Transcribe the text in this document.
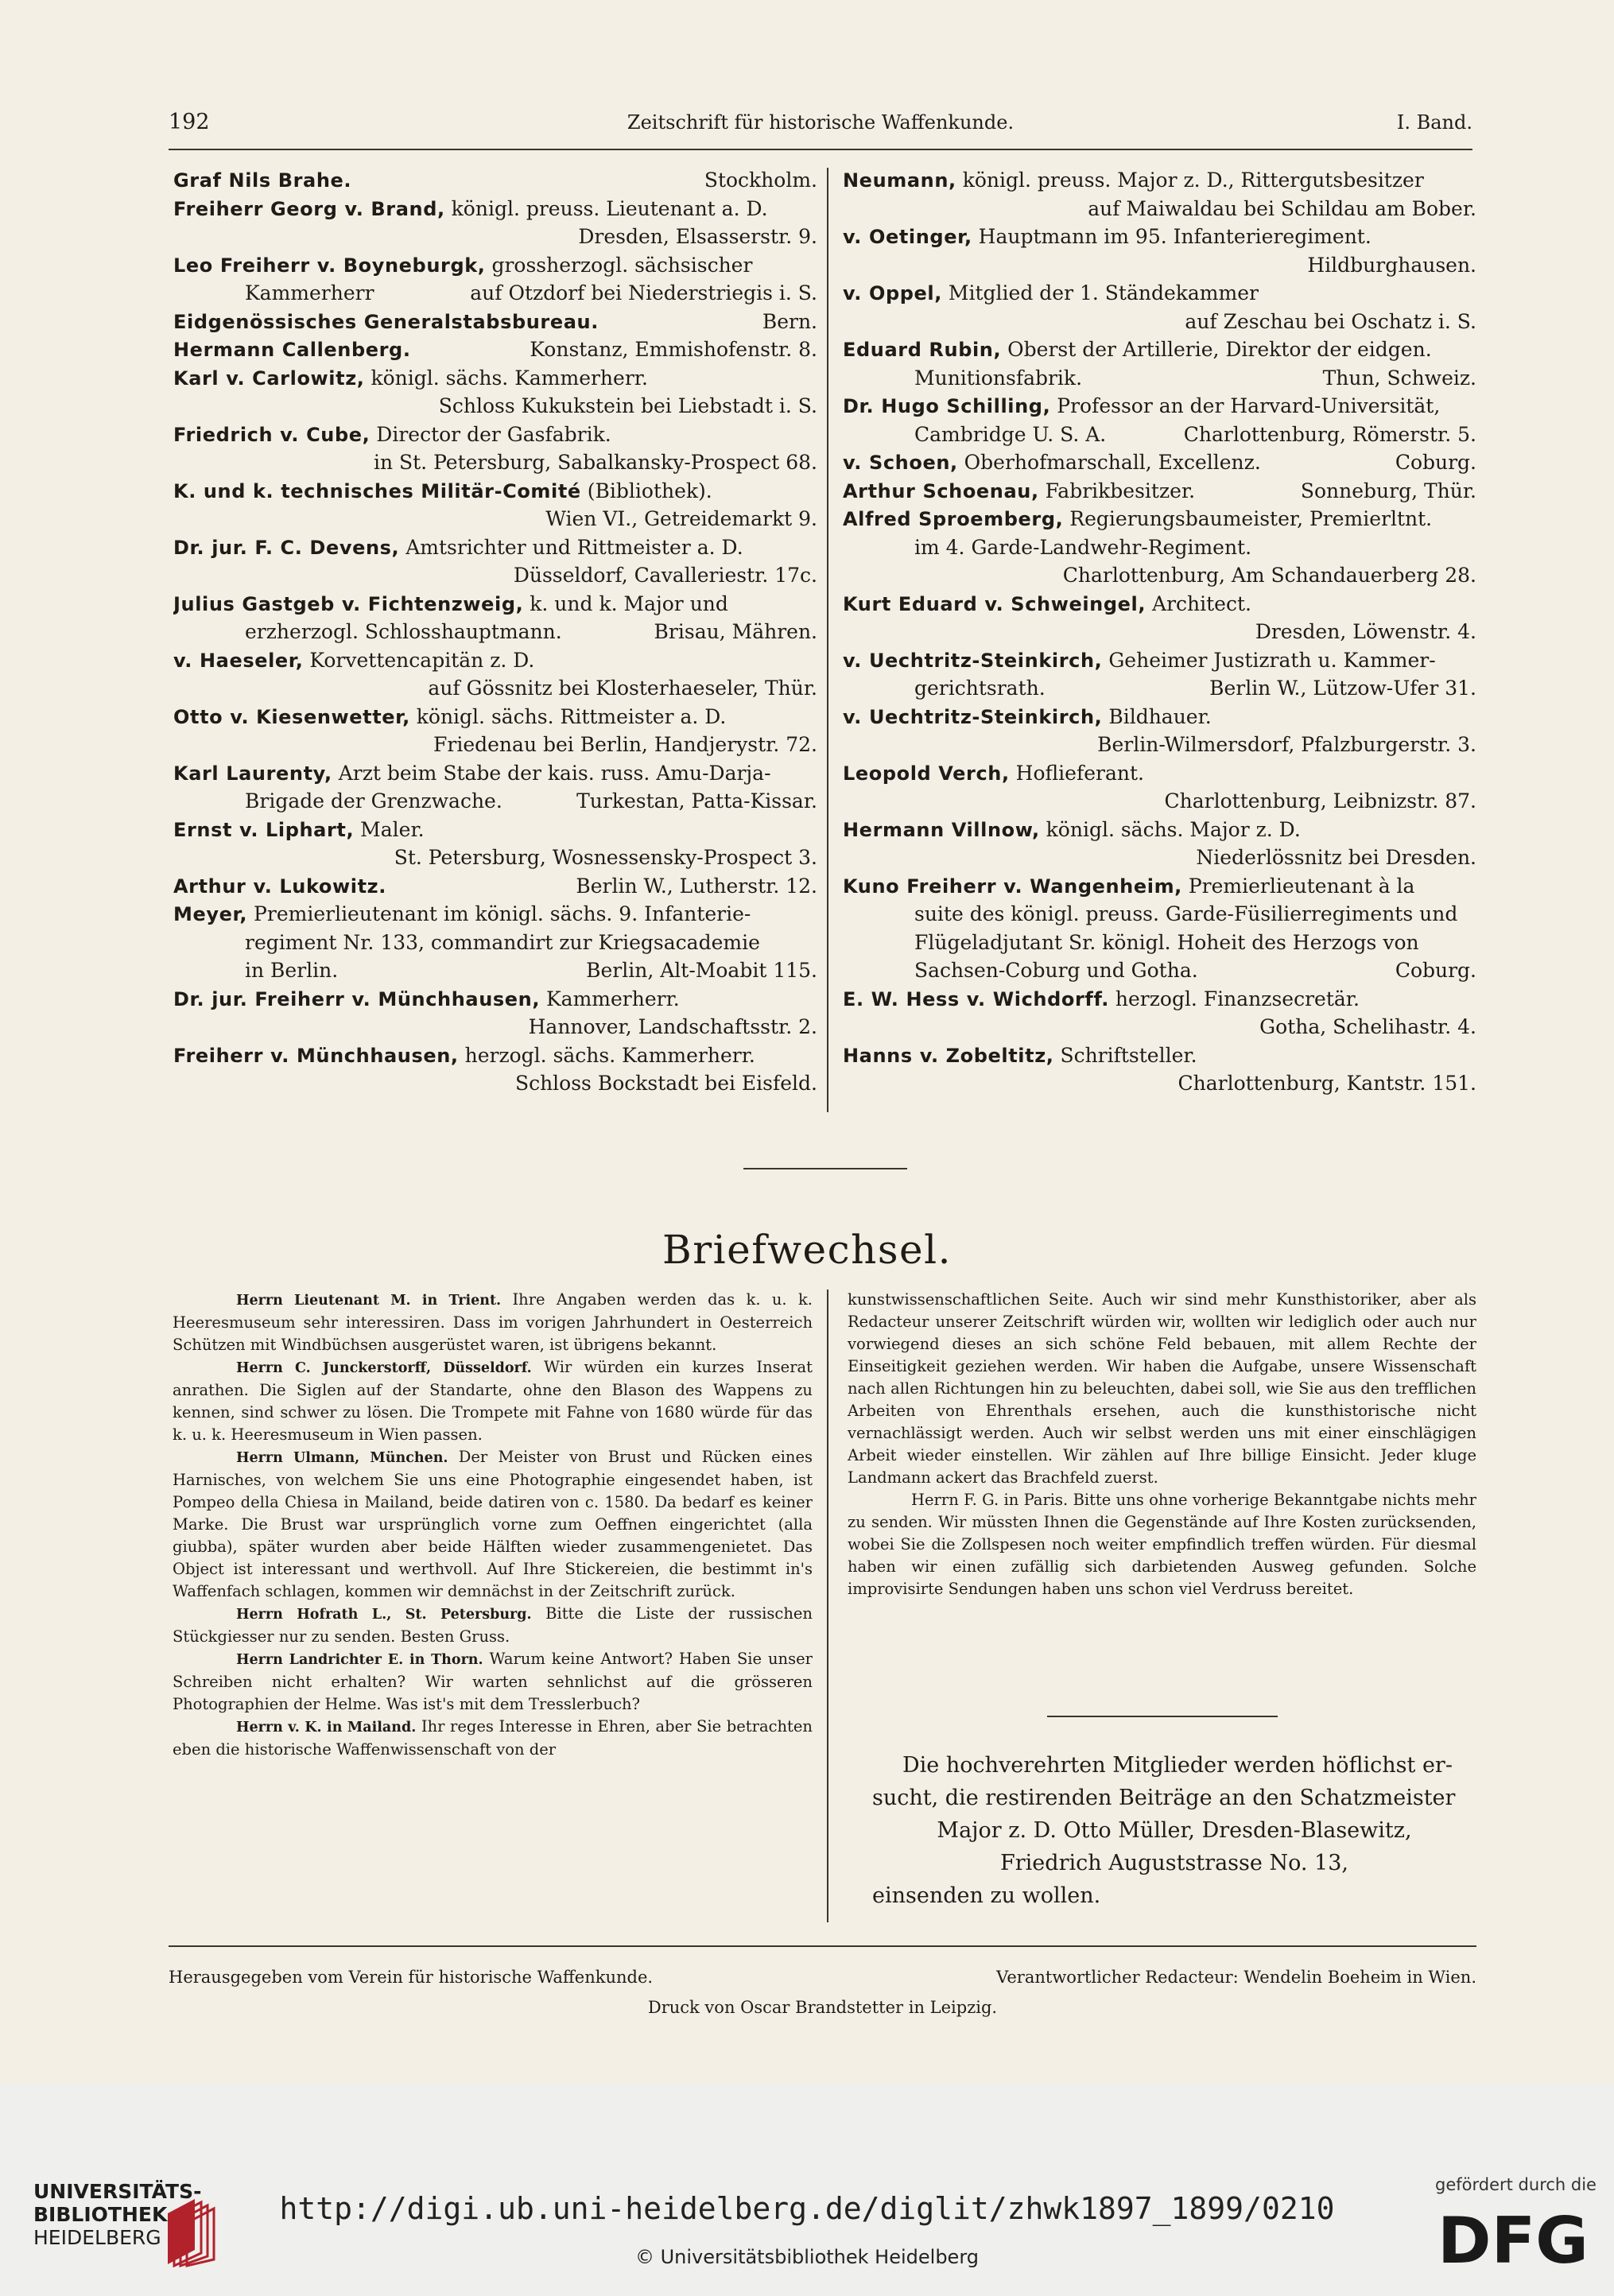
192	Zeitschrift für historische Waffenkunde.	I. Band.
Graf Nils Brahe.	Stockholm.
Freiherr Georg v. Brand, königl. preuss. Lieutenant a. D.
Dresden, Elsasserstr. 9.
Leo Freiherr v. Boyneburgk, grossherzogl. sächsischer
Kammerherr	auf Otzdorf bei Niederstriegis i. S.
Eidgenössisches Generalstabsbureau.	Bern.
Hermann Callenberg.	Konstanz, Emmishofenstr. 8.
Karl v. Carlowitz, königl. sächs. Kammerherr.
Schloss Kukukstein bei Liebstadt i. S.
Friedrich v. Cube, Director der Gasfabrik.
in St. Petersburg, Sabalkansky-Prospect 68.
K. und k. technisches Militär-Comité (Bibliothek).
Wien VI., Getreidemarkt 9.
Dr. jur. F. C. Devens, Amtsrichter und Rittmeister a. D.
Düsseldorf, Cavalleriestr. 17c.
Julius Gastgeb v. Fichtenzweig, k. und k. Major und
erzherzogl. Schlosshauptmann.	Brisau, Mähren.
v. Haeseler, Korvettencapitän z. D.
auf Gössnitz bei Klosterhaeseler, Thür.
Otto v. Kiesenwetter, königl. sächs. Rittmeister a. D.
Friedenau bei Berlin, Handjerystr. 72.
Karl Laurenty, Arzt beim Stabe der kais. russ. Amu-Darja-
Brigade der Grenzwache.	Turkestan, Patta-Kissar.
Ernst v. Liphart, Maler.
St. Petersburg, Wosnessensky-Prospect 3.
Arthur v. Lukowitz.	Berlin W., Lutherstr. 12.
Meyer, Premierlieutenant im königl. sächs. 9. Infanterie-
regiment Nr. 133, commandirt zur Kriegsacademie
in Berlin.	Berlin, Alt-Moabit 115.
Dr. jur. Freiherr v. Münchhausen, Kammerherr.
Hannover, Landschaftsstr. 2.
Freiherr v. Münchhausen, herzogl. sächs. Kammerherr.
Schloss Bockstadt bei Eisfeld.
Neumann, königl. preuss. Major z. D., Rittergutsbesitzer
auf Maiwaldau bei Schildau am Bober.
v. Oetinger, Hauptmann im 95. Infanterieregiment.
Hildburghausen.
v. Oppel, Mitglied der 1. Ständekammer
auf Zeschau bei Oschatz i. S.
Eduard Rubin, Oberst der Artillerie, Direktor der eidgen.
Munitionsfabrik.	Thun, Schweiz.
Dr. Hugo Schilling, Professor an der Harvard-Universität,
Cambridge U. S. A.	Charlottenburg, Römerstr. 5.
v. Schoen, Oberhofmarschall, Excellenz.	Coburg.
Arthur Schoenau, Fabrikbesitzer.	Sonneburg, Thür.
Alfred Sproemberg, Regierungsbaumeister, Premierltnt.
im 4. Garde-Landwehr-Regiment.
Charlottenburg, Am Schandauerberg 28.
Kurt Eduard v. Schweingel, Architect.
Dresden, Löwenstr. 4.
v. Uechtritz-Steinkirch, Geheimer Justizrath u. Kammer-
gerichtsrath.	Berlin W., Lützow-Ufer 31.
v. Uechtritz-Steinkirch, Bildhauer.
Berlin-Wilmersdorf, Pfalzburgerstr. 3.
Leopold Verch, Hoflieferant.
Charlottenburg, Leibnizstr. 87.
Hermann Villnow, königl. sächs. Major z. D.
Niederlössnitz bei Dresden.
Kuno Freiherr v. Wangenheim, Premierlieutenant à la
suite des königl. preuss. Garde-Füsilierregiments und
Flügeladjutant Sr. königl. Hoheit des Herzogs von
Sachsen-Coburg und Gotha.	Coburg.
E. W. Hess v. Wichdorff. herzogl. Finanzsecretär.
Gotha, Schelihastr. 4.
Hanns v. Zobeltitz, Schriftsteller.
Charlottenburg, Kantstr. 151.
Briefwechsel.

Herrn Lieutenant M. in Trient. Ihre Angaben werden das k. u. k. Heeresmuseum sehr interessiren. Dass im vorigen Jahrhundert in Oesterreich Schützen mit Windbüchsen ausgerüstet waren, ist übrigens bekannt.

Herrn C. Junckerstorff, Düsseldorf. Wir würden ein kurzes Inserat anrathen. Die Siglen auf der Standarte, ohne den Blason des Wappens zu kennen, sind schwer zu lösen. Die Trompete mit Fahne von 1680 würde für das k. u. k. Heeresmuseum in Wien passen.

Herrn Ulmann, München. Der Meister von Brust und Rücken eines Harnisches, von welchem Sie uns eine Photographie eingesendet haben, ist Pompeo della Chiesa in Mailand, beide datiren von c. 1580. Da bedarf es keiner Marke. Die Brust war ursprünglich vorne zum Oeffnen eingerichtet (alla giubba), später wurden aber beide Hälften wieder zusammengenietet. Das Object ist interessant und werthvoll. Auf Ihre Stickereien, die bestimmt in's Waffenfach schlagen, kommen wir demnächst in der Zeitschrift zurück.

Herrn Hofrath L., St. Petersburg. Bitte die Liste der russischen Stückgiesser nur zu senden. Besten Gruss.

Herrn Landrichter E. in Thorn. Warum keine Antwort? Haben Sie unser Schreiben nicht erhalten? Wir warten sehnlichst auf die grösseren Photographien der Helme. Was ist's mit dem Tresslerbuch?

Herrn v. K. in Mailand. Ihr reges Interesse in Ehren, aber Sie betrachten eben die historische Waffenwissenschaft von der

kunstwissenschaftlichen Seite. Auch wir sind mehr Kunsthistoriker, aber als Redacteur unserer Zeitschrift würden wir, wollten wir lediglich oder auch nur vorwiegend dieses an sich schöne Feld bebauen, mit allem Rechte der Einseitigkeit geziehen werden. Wir haben die Aufgabe, unsere Wissenschaft nach allen Richtungen hin zu beleuchten, dabei soll, wie Sie aus den trefflichen Arbeiten von Ehrenthals ersehen, auch die kunsthistorische nicht vernachlässigt werden. Auch wir selbst werden uns mit einer einschlägigen Arbeit wieder einstellen. Wir zählen auf Ihre billige Einsicht. Jeder kluge Landmann ackert das Brachfeld zuerst.

Herrn F. G. in Paris. Bitte uns ohne vorherige Bekanntgabe nichts mehr zu senden. Wir müssten Ihnen die Gegenstände auf Ihre Kosten zurücksenden, wobei Sie die Zollspesen noch weiter empfindlich treffen würden. Für diesmal haben wir einen zufällig sich darbietenden Ausweg gefunden. Solche improvisirte Sendungen haben uns schon viel Verdruss bereitet.

Die hochverehrten Mitglieder werden höflichst er-
sucht, die restirenden Beiträge an den Schatzmeister
Major z. D. Otto Müller, Dresden-Blasewitz,
Friedrich Auguststrasse No. 13,
einsenden zu wollen.
Herausgegeben vom Verein für historische Waffenkunde.	Verantwortlicher Redacteur: Wendelin Boeheim in Wien.
Druck von Oscar Brandstetter in Leipzig.
UNIVERSITÄTS-
BIBLIOTHEK
HEIDELBERG
http://digi.ub.uni-heidelberg.de/diglit/zhwk1897_1899/0210
© Universitätsbibliothek Heidelberg
gefördert durch die
DFG
